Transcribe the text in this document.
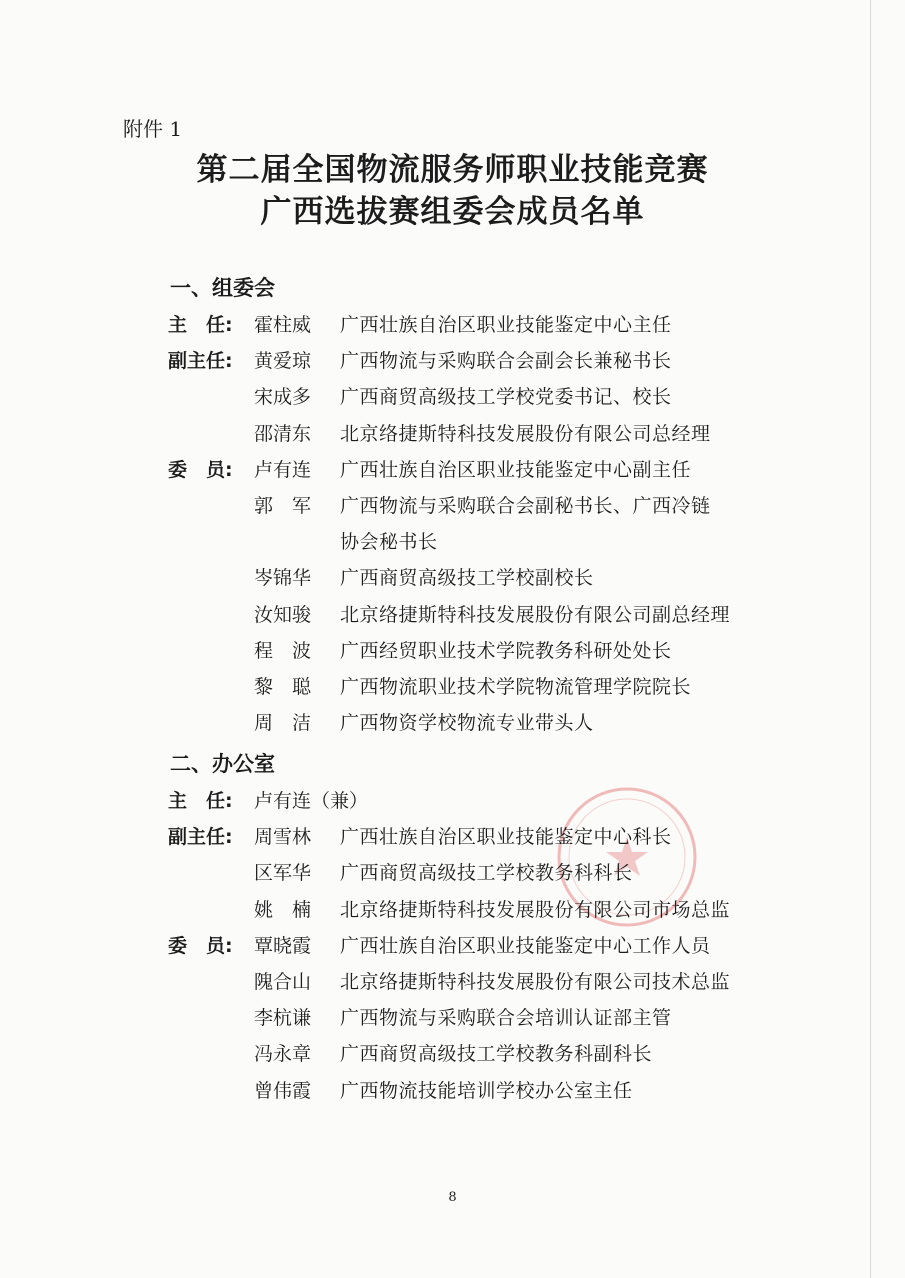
附件 1
第二届全国物流服务师职业技能竞赛
广西选拔赛组委会成员名单
一、组委会
主　任:	霍柱威	广西壮族自治区职业技能鉴定中心主任
副主任:	黄爱琼	广西物流与采购联合会副会长兼秘书长
宋成多	广西商贸高级技工学校党委书记、校长
邵清东	北京络捷斯特科技发展股份有限公司总经理
委　员:	卢有连	广西壮族自治区职业技能鉴定中心副主任
郭　军	广西物流与采购联合会副秘书长、广西冷链
协会秘书长
岑锦华	广西商贸高级技工学校副校长
汝知骏	北京络捷斯特科技发展股份有限公司副总经理
程　波	广西经贸职业技术学院教务科研处处长
黎　聪	广西物流职业技术学院物流管理学院院长
周　洁	广西物资学校物流专业带头人
二、办公室
主　任:	卢有连（兼）
副主任:	周雪林	广西壮族自治区职业技能鉴定中心科长
区军华	广西商贸高级技工学校教务科科长
姚　楠	北京络捷斯特科技发展股份有限公司市场总监
委　员:	覃晓霞	广西壮族自治区职业技能鉴定中心工作人员
隗合山	北京络捷斯特科技发展股份有限公司技术总监
李杭谦	广西物流与采购联合会培训认证部主管
冯永章	广西商贸高级技工学校教务科副科长
曾伟霞	广西物流技能培训学校办公室主任
8
